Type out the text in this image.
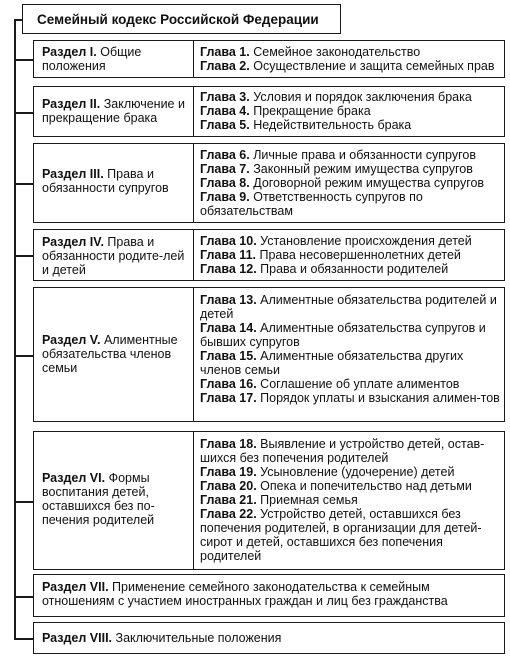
Семейный кодекс Российской Федерации
Раздел I. Общие положения
Глава 1. Семейное законодательство
Глава 2. Осуществление и защита семейных прав
Раздел II. Заключение и прекращение брака
Глава 3. Условия и порядок заключения брака
Глава 4. Прекращение брака
Глава 5. Недействительность брака
Раздел III. Права и обязанности супругов
Глава 6. Личные права и обязанности супругов
Глава 7. Законный режим имущества супругов
Глава 8. Договорной режим имущества супругов
Глава 9. Ответственность супругов по обязательствам
Раздел IV. Права и обязанности родите-лей и детей
Глава 10. Установление происхождения детей
Глава 11. Права несовершеннолетних детей
Глава 12. Права и обязанности родителей
Раздел V. Алиментные обязательства членов семьи
Глава 13. Алиментные обязательства родителей и детей
Глава 14. Алиментные обязательства супругов и бывших супругов
Глава 15. Алиментные обязательства других членов семьи
Глава 16. Соглашение об уплате алиментов
Глава 17. Порядок уплаты и взыскания алимен-тов
Раздел VI. Формы воспитания детей, оставшихся без по-печения родителей
Глава 18. Выявление и устройство детей, остав-шихся без попечения родителей
Глава 19. Усыновление (удочерение) детей
Глава 20. Опека и попечительство над детьми
Глава 21. Приемная семья
Глава 22. Устройство детей, оставшихся без попечения родителей, в организации для детей-сирот и детей, оставшихся без попечения родителей
Раздел VII. Применение семейного законодательства к семейным отношениям с участием иностранных граждан и лиц без гражданства
Раздел VIII. Заключительные положения
